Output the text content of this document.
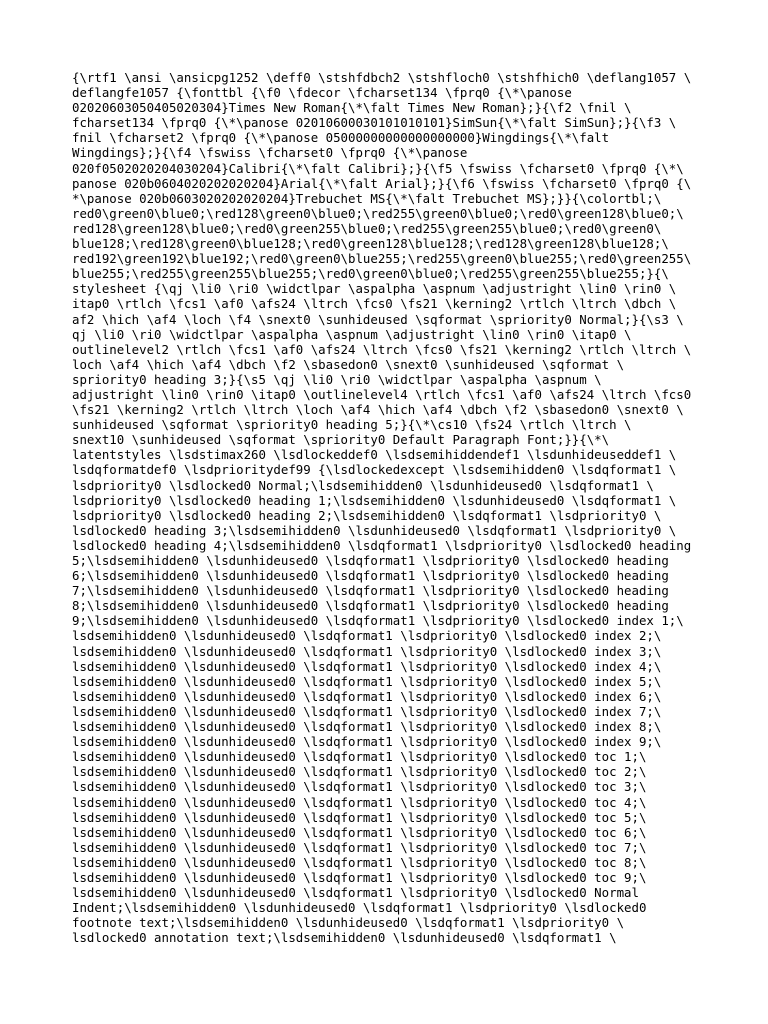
{\rtf1 \ansi \ansicpg1252 \deff0 \stshfdbch2 \stshfloch0 \stshfhich0 \deflang1057 \
deflangfe1057 {\fonttbl {\f0 \fdecor \fcharset134 \fprq0 {\*\panose
02020603050405020304}Times New Roman{\*\falt Times New Roman};}{\f2 \fnil \
fcharset134 \fprq0 {\*\panose 02010600030101010101}SimSun{\*\falt SimSun};}{\f3 \
fnil \fcharset2 \fprq0 {\*\panose 05000000000000000000}Wingdings{\*\falt
Wingdings};}{\f4 \fswiss \fcharset0 \fprq0 {\*\panose
020f0502020204030204}Calibri{\*\falt Calibri};}{\f5 \fswiss \fcharset0 \fprq0 {\*\
panose 020b0604020202020204}Arial{\*\falt Arial};}{\f6 \fswiss \fcharset0 \fprq0 {\
*\panose 020b0603020202020204}Trebuchet MS{\*\falt Trebuchet MS};}}{\colortbl;\
red0\green0\blue0;\red128\green0\blue0;\red255\green0\blue0;\red0\green128\blue0;\
red128\green128\blue0;\red0\green255\blue0;\red255\green255\blue0;\red0\green0\
blue128;\red128\green0\blue128;\red0\green128\blue128;\red128\green128\blue128;\
red192\green192\blue192;\red0\green0\blue255;\red255\green0\blue255;\red0\green255\
blue255;\red255\green255\blue255;\red0\green0\blue0;\red255\green255\blue255;}{\
stylesheet {\qj \li0 \ri0 \widctlpar \aspalpha \aspnum \adjustright \lin0 \rin0 \
itap0 \rtlch \fcs1 \af0 \afs24 \ltrch \fcs0 \fs21 \kerning2 \rtlch \ltrch \dbch \
af2 \hich \af4 \loch \f4 \snext0 \sunhideused \sqformat \spriority0 Normal;}{\s3 \
qj \li0 \ri0 \widctlpar \aspalpha \aspnum \adjustright \lin0 \rin0 \itap0 \
outlinelevel2 \rtlch \fcs1 \af0 \afs24 \ltrch \fcs0 \fs21 \kerning2 \rtlch \ltrch \
loch \af4 \hich \af4 \dbch \f2 \sbasedon0 \snext0 \sunhideused \sqformat \
spriority0 heading 3;}{\s5 \qj \li0 \ri0 \widctlpar \aspalpha \aspnum \
adjustright \lin0 \rin0 \itap0 \outlinelevel4 \rtlch \fcs1 \af0 \afs24 \ltrch \fcs0
\fs21 \kerning2 \rtlch \ltrch \loch \af4 \hich \af4 \dbch \f2 \sbasedon0 \snext0 \
sunhideused \sqformat \spriority0 heading 5;}{\*\cs10 \fs24 \rtlch \ltrch \
snext10 \sunhideused \sqformat \spriority0 Default Paragraph Font;}}{\*\
latentstyles \lsdstimax260 \lsdlockeddef0 \lsdsemihiddendef1 \lsdunhideuseddef1 \
lsdqformatdef0 \lsdprioritydef99 {\lsdlockedexcept \lsdsemihidden0 \lsdqformat1 \
lsdpriority0 \lsdlocked0 Normal;\lsdsemihidden0 \lsdunhideused0 \lsdqformat1 \
lsdpriority0 \lsdlocked0 heading 1;\lsdsemihidden0 \lsdunhideused0 \lsdqformat1 \
lsdpriority0 \lsdlocked0 heading 2;\lsdsemihidden0 \lsdqformat1 \lsdpriority0 \
lsdlocked0 heading 3;\lsdsemihidden0 \lsdunhideused0 \lsdqformat1 \lsdpriority0 \
lsdlocked0 heading 4;\lsdsemihidden0 \lsdqformat1 \lsdpriority0 \lsdlocked0 heading
5;\lsdsemihidden0 \lsdunhideused0 \lsdqformat1 \lsdpriority0 \lsdlocked0 heading
6;\lsdsemihidden0 \lsdunhideused0 \lsdqformat1 \lsdpriority0 \lsdlocked0 heading
7;\lsdsemihidden0 \lsdunhideused0 \lsdqformat1 \lsdpriority0 \lsdlocked0 heading
8;\lsdsemihidden0 \lsdunhideused0 \lsdqformat1 \lsdpriority0 \lsdlocked0 heading
9;\lsdsemihidden0 \lsdunhideused0 \lsdqformat1 \lsdpriority0 \lsdlocked0 index 1;\
lsdsemihidden0 \lsdunhideused0 \lsdqformat1 \lsdpriority0 \lsdlocked0 index 2;\
lsdsemihidden0 \lsdunhideused0 \lsdqformat1 \lsdpriority0 \lsdlocked0 index 3;\
lsdsemihidden0 \lsdunhideused0 \lsdqformat1 \lsdpriority0 \lsdlocked0 index 4;\
lsdsemihidden0 \lsdunhideused0 \lsdqformat1 \lsdpriority0 \lsdlocked0 index 5;\
lsdsemihidden0 \lsdunhideused0 \lsdqformat1 \lsdpriority0 \lsdlocked0 index 6;\
lsdsemihidden0 \lsdunhideused0 \lsdqformat1 \lsdpriority0 \lsdlocked0 index 7;\
lsdsemihidden0 \lsdunhideused0 \lsdqformat1 \lsdpriority0 \lsdlocked0 index 8;\
lsdsemihidden0 \lsdunhideused0 \lsdqformat1 \lsdpriority0 \lsdlocked0 index 9;\
lsdsemihidden0 \lsdunhideused0 \lsdqformat1 \lsdpriority0 \lsdlocked0 toc 1;\
lsdsemihidden0 \lsdunhideused0 \lsdqformat1 \lsdpriority0 \lsdlocked0 toc 2;\
lsdsemihidden0 \lsdunhideused0 \lsdqformat1 \lsdpriority0 \lsdlocked0 toc 3;\
lsdsemihidden0 \lsdunhideused0 \lsdqformat1 \lsdpriority0 \lsdlocked0 toc 4;\
lsdsemihidden0 \lsdunhideused0 \lsdqformat1 \lsdpriority0 \lsdlocked0 toc 5;\
lsdsemihidden0 \lsdunhideused0 \lsdqformat1 \lsdpriority0 \lsdlocked0 toc 6;\
lsdsemihidden0 \lsdunhideused0 \lsdqformat1 \lsdpriority0 \lsdlocked0 toc 7;\
lsdsemihidden0 \lsdunhideused0 \lsdqformat1 \lsdpriority0 \lsdlocked0 toc 8;\
lsdsemihidden0 \lsdunhideused0 \lsdqformat1 \lsdpriority0 \lsdlocked0 toc 9;\
lsdsemihidden0 \lsdunhideused0 \lsdqformat1 \lsdpriority0 \lsdlocked0 Normal
Indent;\lsdsemihidden0 \lsdunhideused0 \lsdqformat1 \lsdpriority0 \lsdlocked0
footnote text;\lsdsemihidden0 \lsdunhideused0 \lsdqformat1 \lsdpriority0 \
lsdlocked0 annotation text;\lsdsemihidden0 \lsdunhideused0 \lsdqformat1 \
